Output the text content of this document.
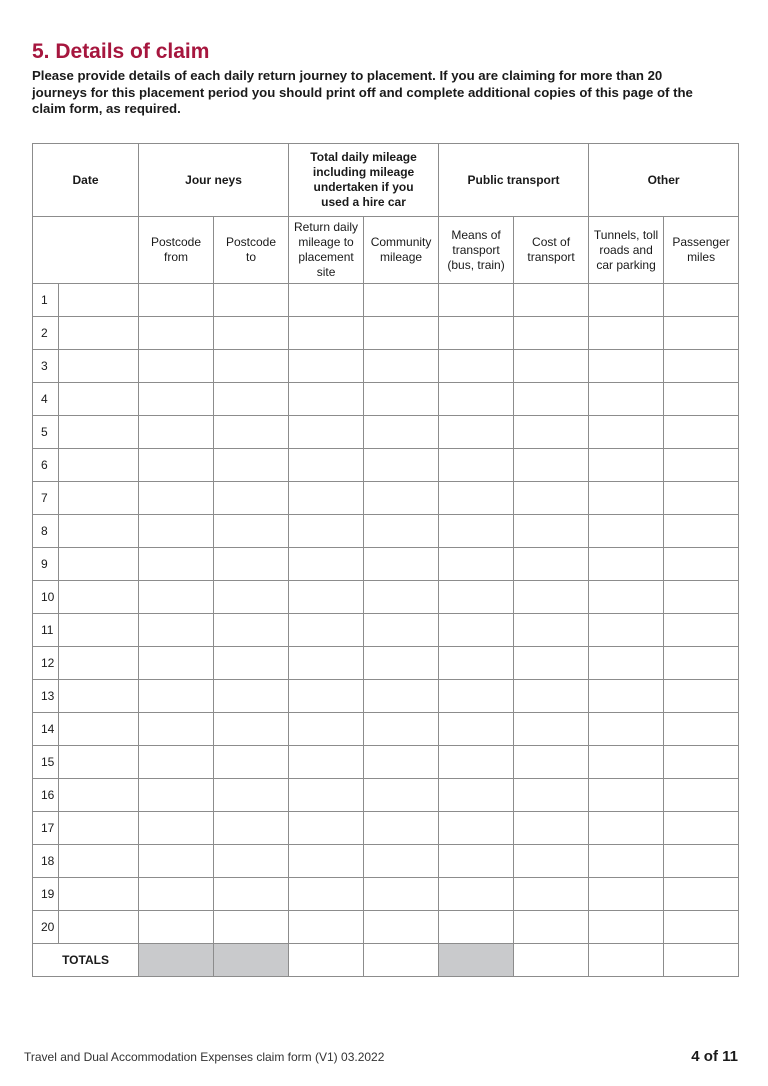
5. Details of claim

Please provide details of each daily return journey to placement. If you are claiming for more than 20 journeys for this placement period you should print off and complete additional copies of this page of the claim form, as required.

Date		Jour neys		Total daily mileage
including mileage
undertaken if you
used a hire car		Public transport		Other	

		Postcode
from	Postcode
to	Return daily
mileage to
placement
site	Community
mileage	Means of
transport
(bus, train)	Cost of
transport	Tunnels, toll
roads and
car parking	Passenger
miles

1									
2									
3									
4									
5									
6									
7									
8									
9									
10									
11									
12									
13									
14									
15									
16									
17									
18									
19									
20									
TOTALS									
Travel and Dual Accommodation Expenses claim form (V1) 03.2022	4 of 11
